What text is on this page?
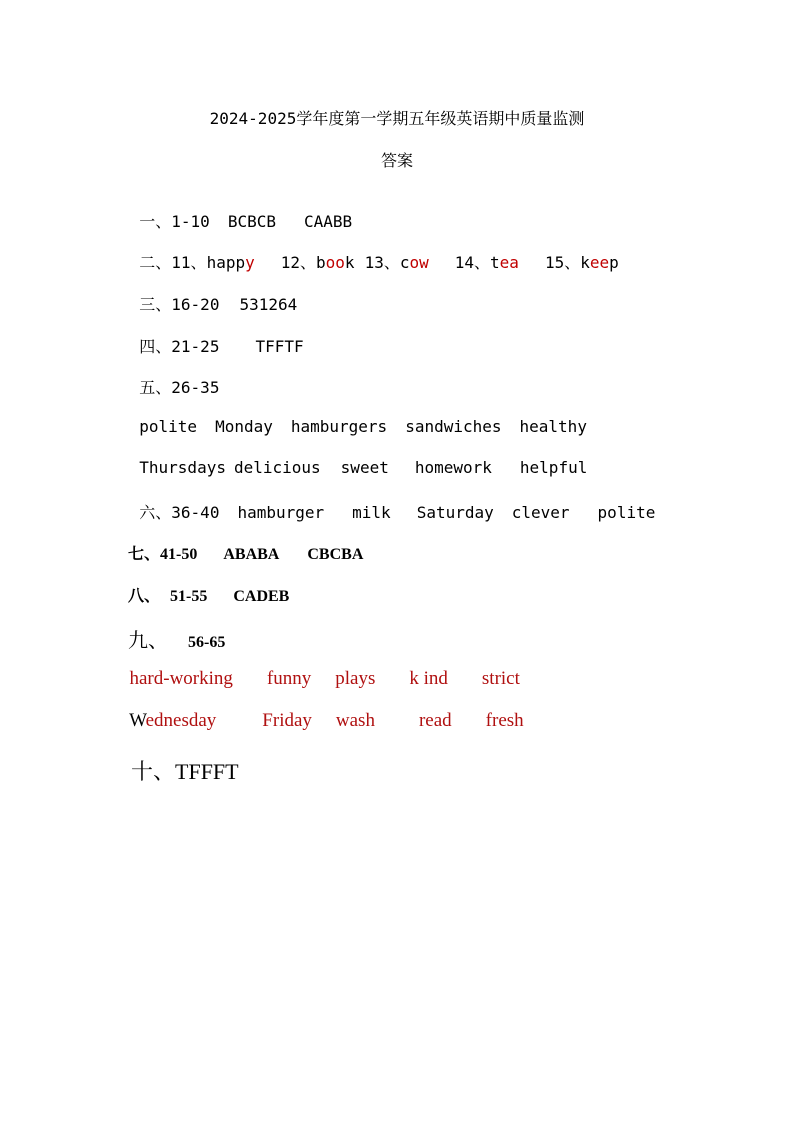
2024-2025学年度第一学期五年级英语期中质量监测
答案

一、1-10 BCBCB CAABB

二、11、happy 12、book 13、cow 14、tea 15、keep

三、16-20 531264

四、21-25 TFFTF

五、26-35

polite Monday hamburgers sandwiches healthy

Thursdays delicious sweet homework helpful

六、36-40 hamburger milk Saturday clever polite

七、41-50 ABABA CBCBA

八、 51-55 CADEB

九、 56-65

hard-working funny plays k ind strict

Wednesday Friday wash read fresh

十、TFFFT
